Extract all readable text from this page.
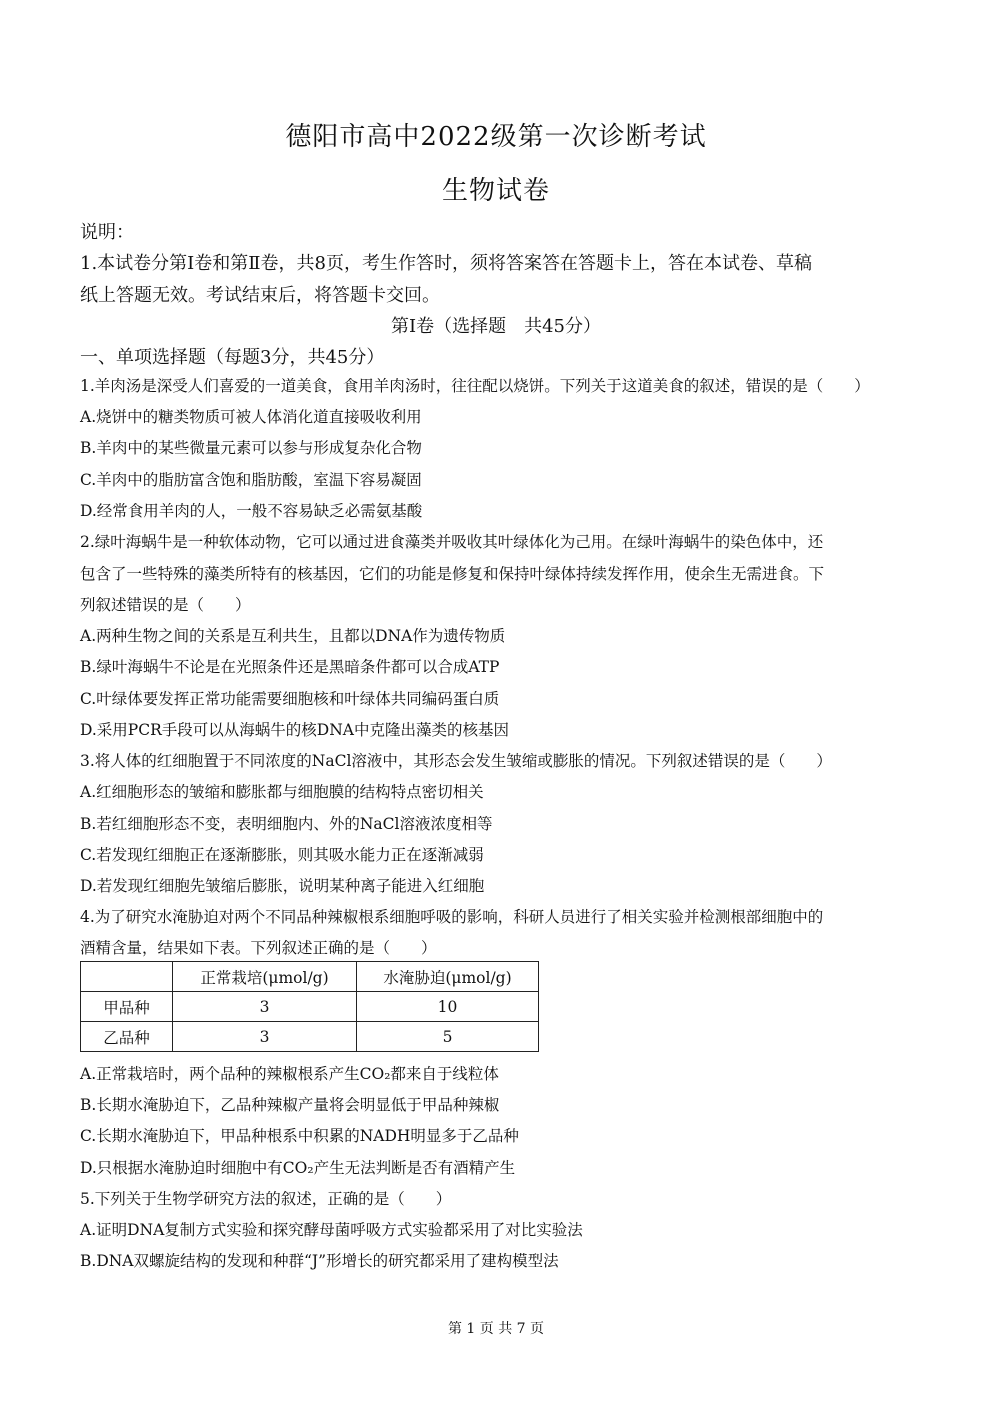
德阳市高中2022级第一次诊断考试
生物试卷
说明：
1.本试卷分第Ⅰ卷和第Ⅱ卷，共8页，考生作答时，须将答案答在答题卡上，答在本试卷、草稿
纸上答题无效。考试结束后，将答题卡交回。
第Ⅰ卷（选择题　共45分）
一、单项选择题（每题3分，共45分）
1.羊肉汤是深受人们喜爱的一道美食，食用羊肉汤时，往往配以烧饼。下列关于这道美食的叙述，错误的是（　　）
A.烧饼中的糖类物质可被人体消化道直接吸收利用
B.羊肉中的某些微量元素可以参与形成复杂化合物
C.羊肉中的脂肪富含饱和脂肪酸，室温下容易凝固
D.经常食用羊肉的人，一般不容易缺乏必需氨基酸
2.绿叶海蜗牛是一种软体动物，它可以通过进食藻类并吸收其叶绿体化为己用。在绿叶海蜗牛的染色体中，还
包含了一些特殊的藻类所特有的核基因，它们的功能是修复和保持叶绿体持续发挥作用，使余生无需进食。下
列叙述错误的是（　　）
A.两种生物之间的关系是互利共生，且都以DNA作为遗传物质
B.绿叶海蜗牛不论是在光照条件还是黑暗条件都可以合成ATP
C.叶绿体要发挥正常功能需要细胞核和叶绿体共同编码蛋白质
D.采用PCR手段可以从海蜗牛的核DNA中克隆出藻类的核基因
3.将人体的红细胞置于不同浓度的NaCl溶液中，其形态会发生皱缩或膨胀的情况。下列叙述错误的是（　　）
A.红细胞形态的皱缩和膨胀都与细胞膜的结构特点密切相关
B.若红细胞形态不变，表明细胞内、外的NaCl溶液浓度相等
C.若发现红细胞正在逐渐膨胀，则其吸水能力正在逐渐减弱
D.若发现红细胞先皱缩后膨胀，说明某种离子能进入红细胞
4.为了研究水淹胁迫对两个不同品种辣椒根系细胞呼吸的影响，科研人员进行了相关实验并检测根部细胞中的
酒精含量，结果如下表。下列叙述正确的是（　　）
	正常栽培(μmol/g)	水淹胁迫(μmol/g)
甲品种	3	10
乙品种	3	5
A.正常栽培时，两个品种的辣椒根系产生CO₂都来自于线粒体
B.长期水淹胁迫下，乙品种辣椒产量将会明显低于甲品种辣椒
C.长期水淹胁迫下，甲品种根系中积累的NADH明显多于乙品种
D.只根据水淹胁迫时细胞中有CO₂产生无法判断是否有酒精产生
5.下列关于生物学研究方法的叙述，正确的是（　　）
A.证明DNA复制方式实验和探究酵母菌呼吸方式实验都采用了对比实验法
B.DNA双螺旋结构的发现和种群“J”形增长的研究都采用了建构模型法
第 1 页 共 7 页
